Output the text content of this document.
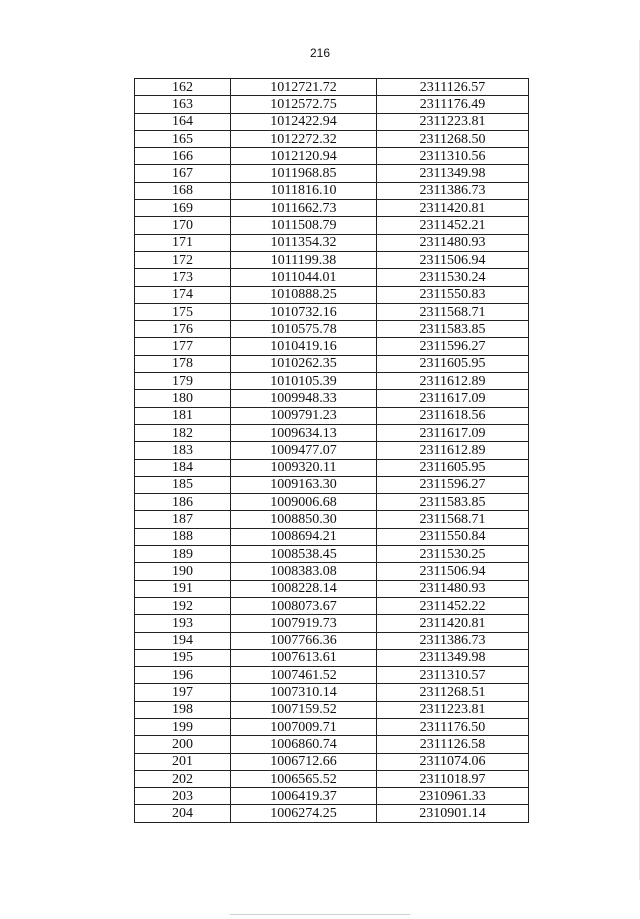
216
162	1012721.72	2311126.57
163	1012572.75	2311176.49
164	1012422.94	2311223.81
165	1012272.32	2311268.50
166	1012120.94	2311310.56
167	1011968.85	2311349.98
168	1011816.10	2311386.73
169	1011662.73	2311420.81
170	1011508.79	2311452.21
171	1011354.32	2311480.93
172	1011199.38	2311506.94
173	1011044.01	2311530.24
174	1010888.25	2311550.83
175	1010732.16	2311568.71
176	1010575.78	2311583.85
177	1010419.16	2311596.27
178	1010262.35	2311605.95
179	1010105.39	2311612.89
180	1009948.33	2311617.09
181	1009791.23	2311618.56
182	1009634.13	2311617.09
183	1009477.07	2311612.89
184	1009320.11	2311605.95
185	1009163.30	2311596.27
186	1009006.68	2311583.85
187	1008850.30	2311568.71
188	1008694.21	2311550.84
189	1008538.45	2311530.25
190	1008383.08	2311506.94
191	1008228.14	2311480.93
192	1008073.67	2311452.22
193	1007919.73	2311420.81
194	1007766.36	2311386.73
195	1007613.61	2311349.98
196	1007461.52	2311310.57
197	1007310.14	2311268.51
198	1007159.52	2311223.81
199	1007009.71	2311176.50
200	1006860.74	2311126.58
201	1006712.66	2311074.06
202	1006565.52	2311018.97
203	1006419.37	2310961.33
204	1006274.25	2310901.14
